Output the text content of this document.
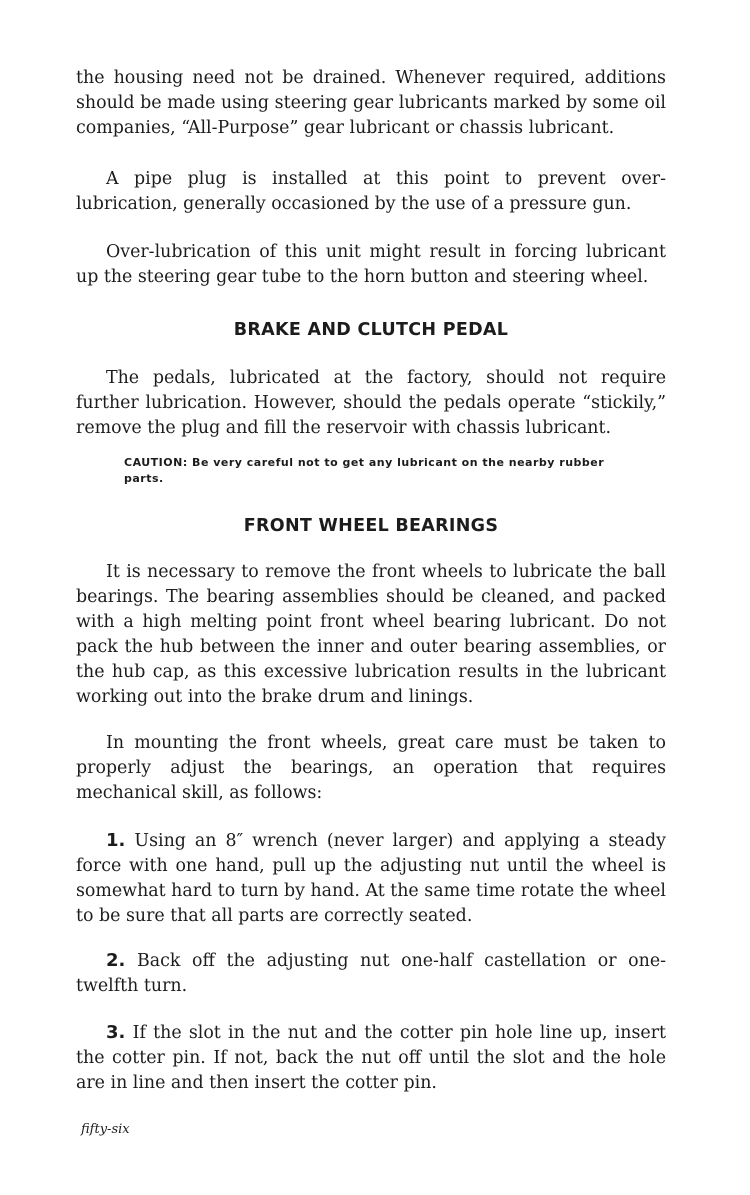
the housing need not be drained. Whenever required, additions should be made using steering gear lubricants marked by some oil companies, “All-Purpose” gear lubricant or chassis lubricant.

A pipe plug is installed at this point to prevent over-lubrication, generally occasioned by the use of a pressure gun.

Over-lubrication of this unit might result in forcing lubricant up the steering gear tube to the horn button and steering wheel.

BRAKE AND CLUTCH PEDAL

The pedals, lubricated at the factory, should not require further lubrication. However, should the pedals operate “stickily,” remove the plug and fill the reservoir with chassis lubricant.

CAUTION: Be very careful not to get any lubricant on the nearby rubber parts.

FRONT WHEEL BEARINGS

It is necessary to remove the front wheels to lubricate the ball bearings. The bearing assemblies should be cleaned, and packed with a high melting point front wheel bearing lubricant. Do not pack the hub between the inner and outer bearing assemblies, or the hub cap, as this excessive lubrication results in the lubricant working out into the brake drum and linings.

In mounting the front wheels, great care must be taken to properly adjust the bearings, an operation that requires mechanical skill, as follows:

1. Using an 8″ wrench (never larger) and applying a steady force with one hand, pull up the adjusting nut until the wheel is somewhat hard to turn by hand. At the same time rotate the wheel to be sure that all parts are correctly seated.

2. Back off the adjusting nut one-half castellation or one-twelfth turn.

3. If the slot in the nut and the cotter pin hole line up, insert the cotter pin. If not, back the nut off until the slot and the hole are in line and then insert the cotter pin.

fifty-six
